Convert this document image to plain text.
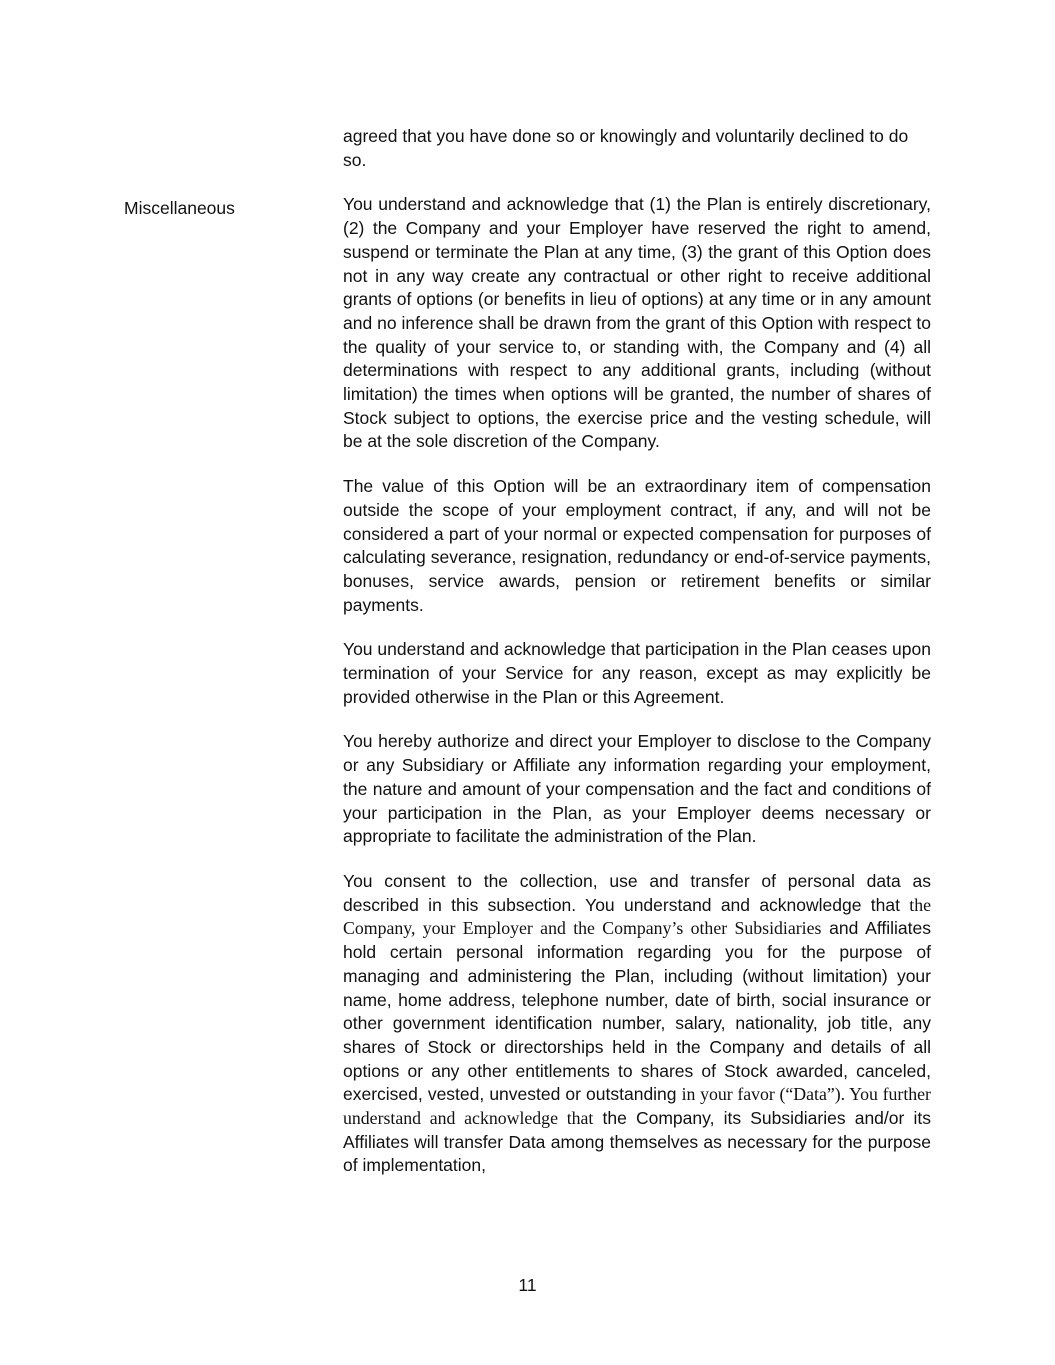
Miscellaneous

agreed that you have done so or knowingly and voluntarily declined to do so.

You understand and acknowledge that (1) the Plan is entirely discretionary, (2) the Company and your Employer have reserved the right to amend, suspend or terminate the Plan at any time, (3) the grant of this Option does not in any way create any contractual or other right to receive additional grants of options (or benefits in lieu of options) at any time or in any amount and no inference shall be drawn from the grant of this Option with respect to the quality of your service to, or standing with, the Company and (4) all determinations with respect to any additional grants, including (without limitation) the times when options will be granted, the number of shares of Stock subject to options, the exercise price and the vesting schedule, will be at the sole discretion of the Company.

The value of this Option will be an extraordinary item of compensation outside the scope of your employment contract, if any, and will not be considered a part of your normal or expected compensation for purposes of calculating severance, resignation, redundancy or end-of-service payments, bonuses, service awards, pension or retirement benefits or similar payments.

You understand and acknowledge that participation in the Plan ceases upon termination of your Service for any reason, except as may explicitly be provided otherwise in the Plan or this Agreement.

You hereby authorize and direct your Employer to disclose to the Company or any Subsidiary or Affiliate any information regarding your employment, the nature and amount of your compensation and the fact and conditions of your participation in the Plan, as your Employer deems necessary or appropriate to facilitate the administration of the Plan.

You consent to the collection, use and transfer of personal data as described in this subsection. You understand and acknowledge that the Company, your Employer and the Company’s other Subsidiaries and Affiliates hold certain personal information regarding you for the purpose of managing and administering the Plan, including (without limitation) your name, home address, telephone number, date of birth, social insurance or other government identification number, salary, nationality, job title, any shares of Stock or directorships held in the Company and details of all options or any other entitlements to shares of Stock awarded, canceled, exercised, vested, unvested or outstanding in your favor (“Data”). You further understand and acknowledge that the Company, its Subsidiaries and/or its Affiliates will transfer Data among themselves as necessary for the purpose of implementation,

11
